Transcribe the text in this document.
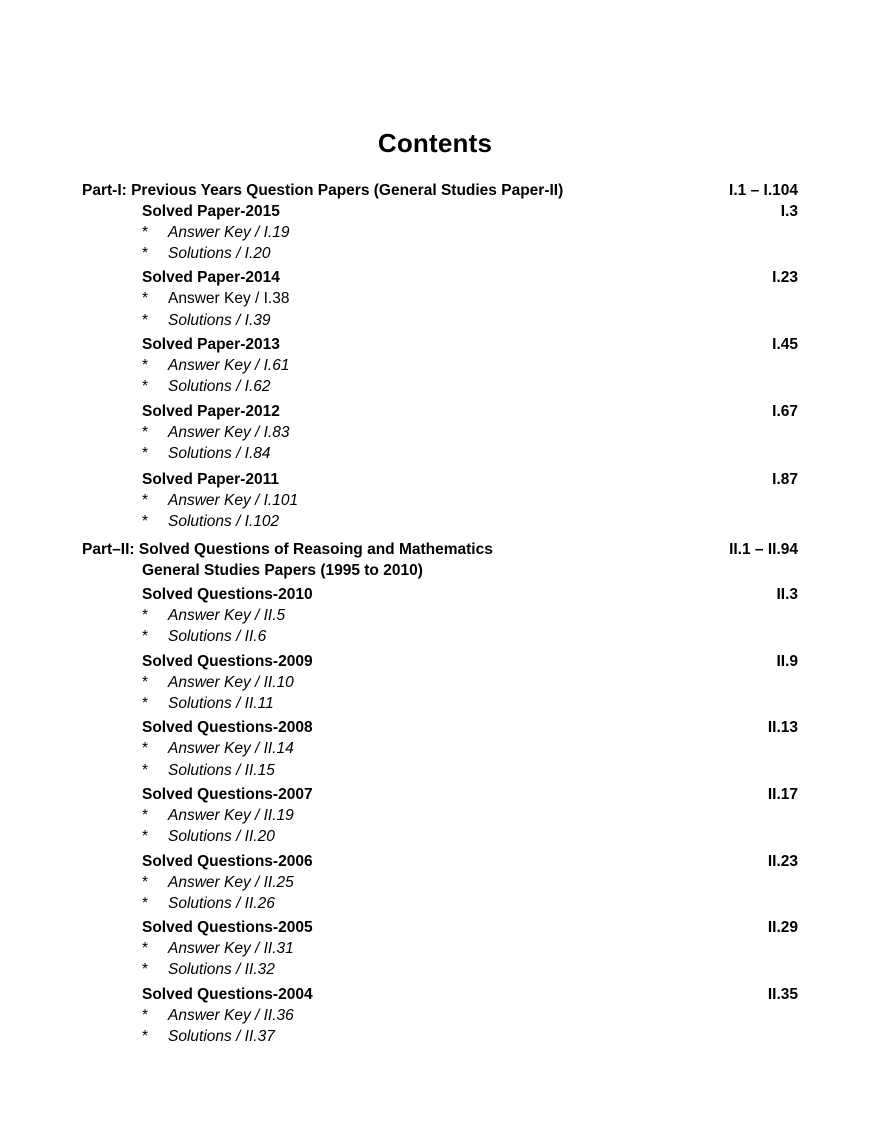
Contents
Part-I: Previous Years Question Papers (General Studies Paper-II)	I.1 – I.104
Solved Paper-2015	I.3
* Answer Key / I.19
* Solutions / I.20
Solved Paper-2014	I.23
* Answer Key / I.38
* Solutions / I.39
Solved Paper-2013	I.45
* Answer Key / I.61
* Solutions / I.62
Solved Paper-2012	I.67
* Answer Key / I.83
* Solutions / I.84
Solved Paper-2011	I.87
* Answer Key / I.101
* Solutions / I.102
Part–II: Solved Questions of Reasoing and Mathematics	II.1 – II.94
General Studies Papers (1995 to 2010)
Solved Questions-2010	II.3
* Answer Key / II.5
* Solutions / II.6
Solved Questions-2009	II.9
* Answer Key / II.10
* Solutions / II.11
Solved Questions-2008	II.13
* Answer Key / II.14
* Solutions / II.15
Solved Questions-2007	II.17
* Answer Key / II.19
* Solutions / II.20
Solved Questions-2006	II.23
* Answer Key / II.25
* Solutions / II.26
Solved Questions-2005	II.29
* Answer Key / II.31
* Solutions / II.32
Solved Questions-2004	II.35
* Answer Key / II.36
* Solutions / II.37
